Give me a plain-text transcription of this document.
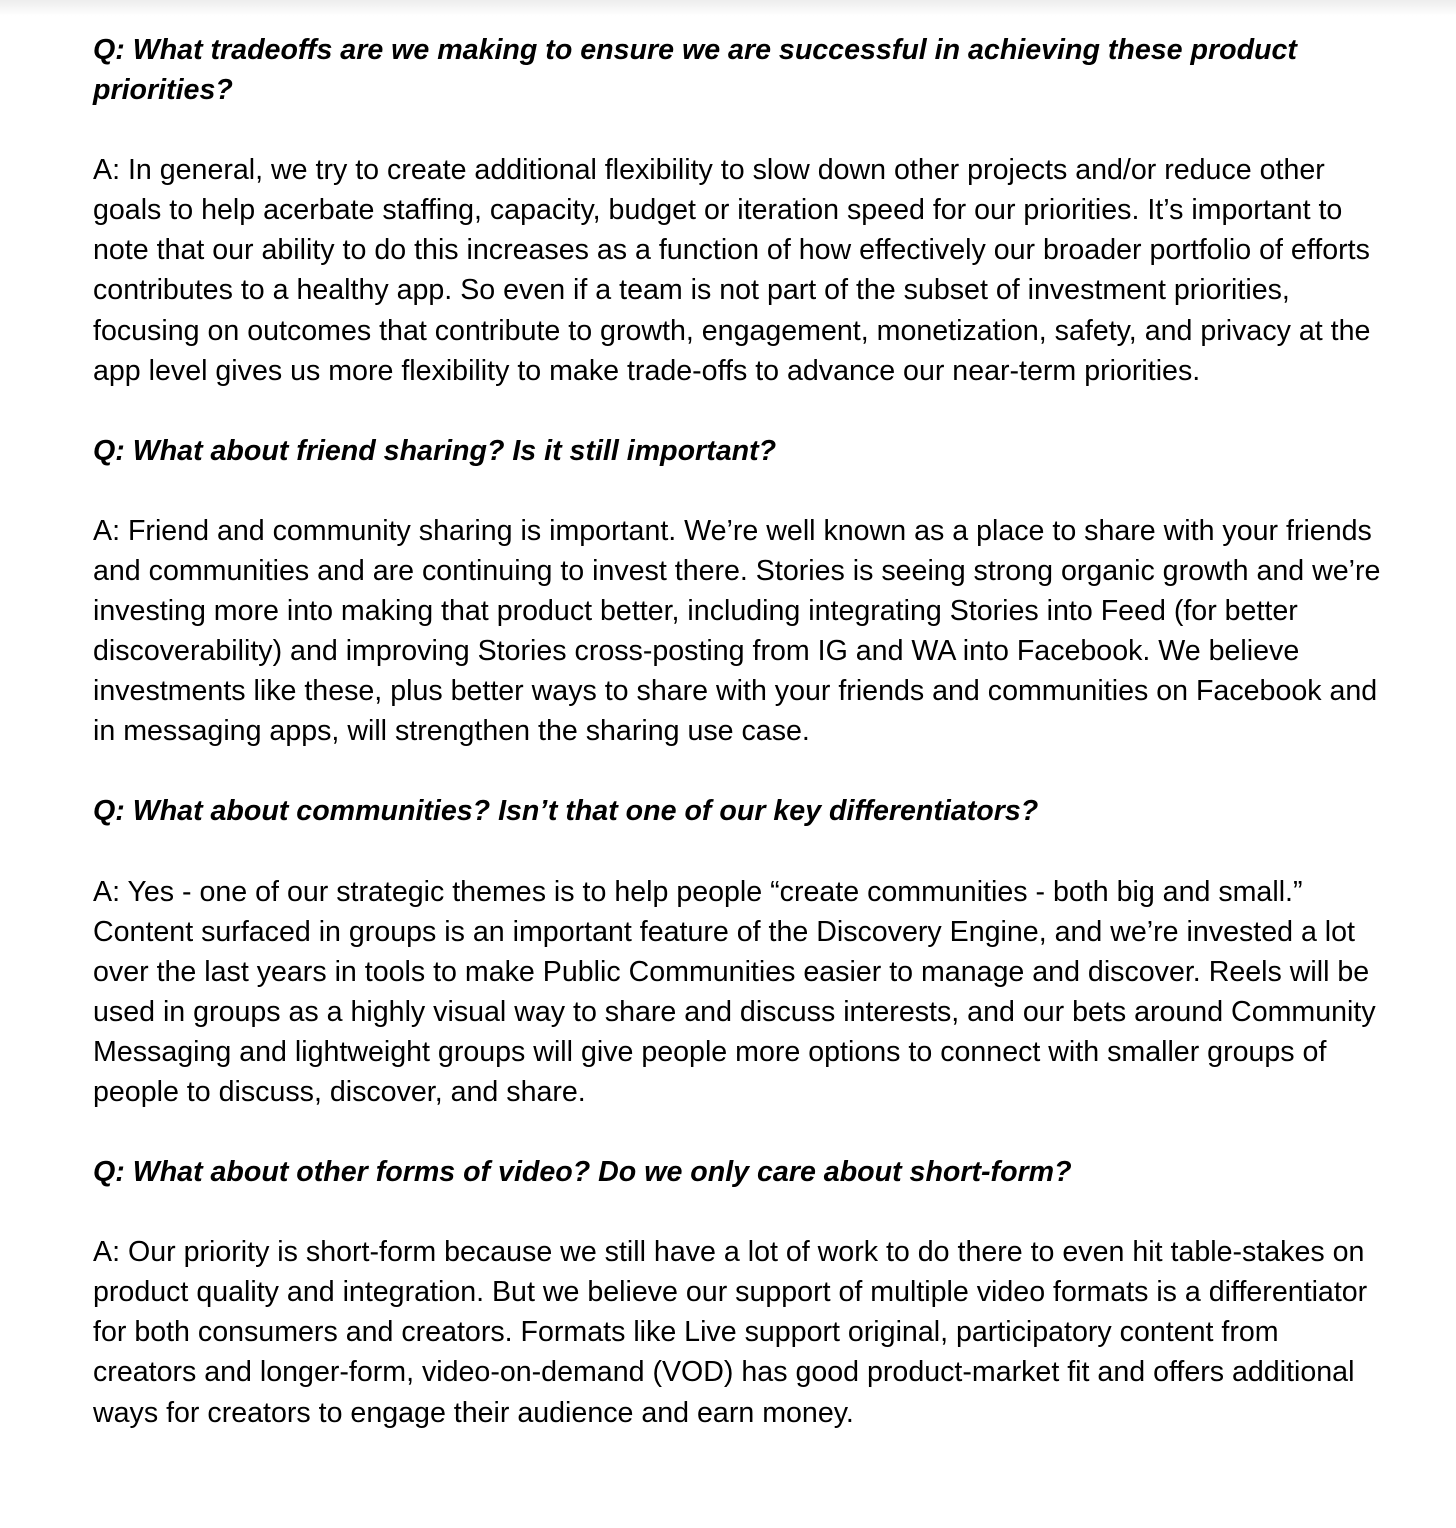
Q: What tradeoffs are we making to ensure we are successful in achieving these product priorities?

A: In general, we try to create additional flexibility to slow down other projects and/or reduce other goals to help acerbate staffing, capacity, budget or iteration speed for our priorities. It’s important to note that our ability to do this increases as a function of how effectively our broader portfolio of efforts contributes to a healthy app. So even if a team is not part of the subset of investment priorities, focusing on outcomes that contribute to growth, engagement, monetization, safety, and privacy at the app level gives us more flexibility to make trade-offs to advance our near-term priorities.

Q: What about friend sharing? Is it still important?

A: Friend and community sharing is important. We’re well known as a place to share with your friends and communities and are continuing to invest there. Stories is seeing strong organic growth and we’re investing more into making that product better, including integrating Stories into Feed (for better discoverability) and improving Stories cross-posting from IG and WA into Facebook. We believe investments like these, plus better ways to share with your friends and communities on Facebook and in messaging apps, will strengthen the sharing use case.

Q: What about communities? Isn’t that one of our key differentiators?

A: Yes - one of our strategic themes is to help people “create communities - both big and small.” Content surfaced in groups is an important feature of the Discovery Engine, and we’re invested a lot over the last years in tools to make Public Communities easier to manage and discover. Reels will be used in groups as a highly visual way to share and discuss interests, and our bets around Community Messaging and lightweight groups will give people more options to connect with smaller groups of people to discuss, discover, and share.

Q: What about other forms of video? Do we only care about short-form?

A: Our priority is short-form because we still have a lot of work to do there to even hit table-stakes on product quality and integration. But we believe our support of multiple video formats is a differentiator for both consumers and creators. Formats like Live support original, participatory content from creators and longer-form, video-on-demand (VOD) has good product-market fit and offers additional ways for creators to engage their audience and earn money.
